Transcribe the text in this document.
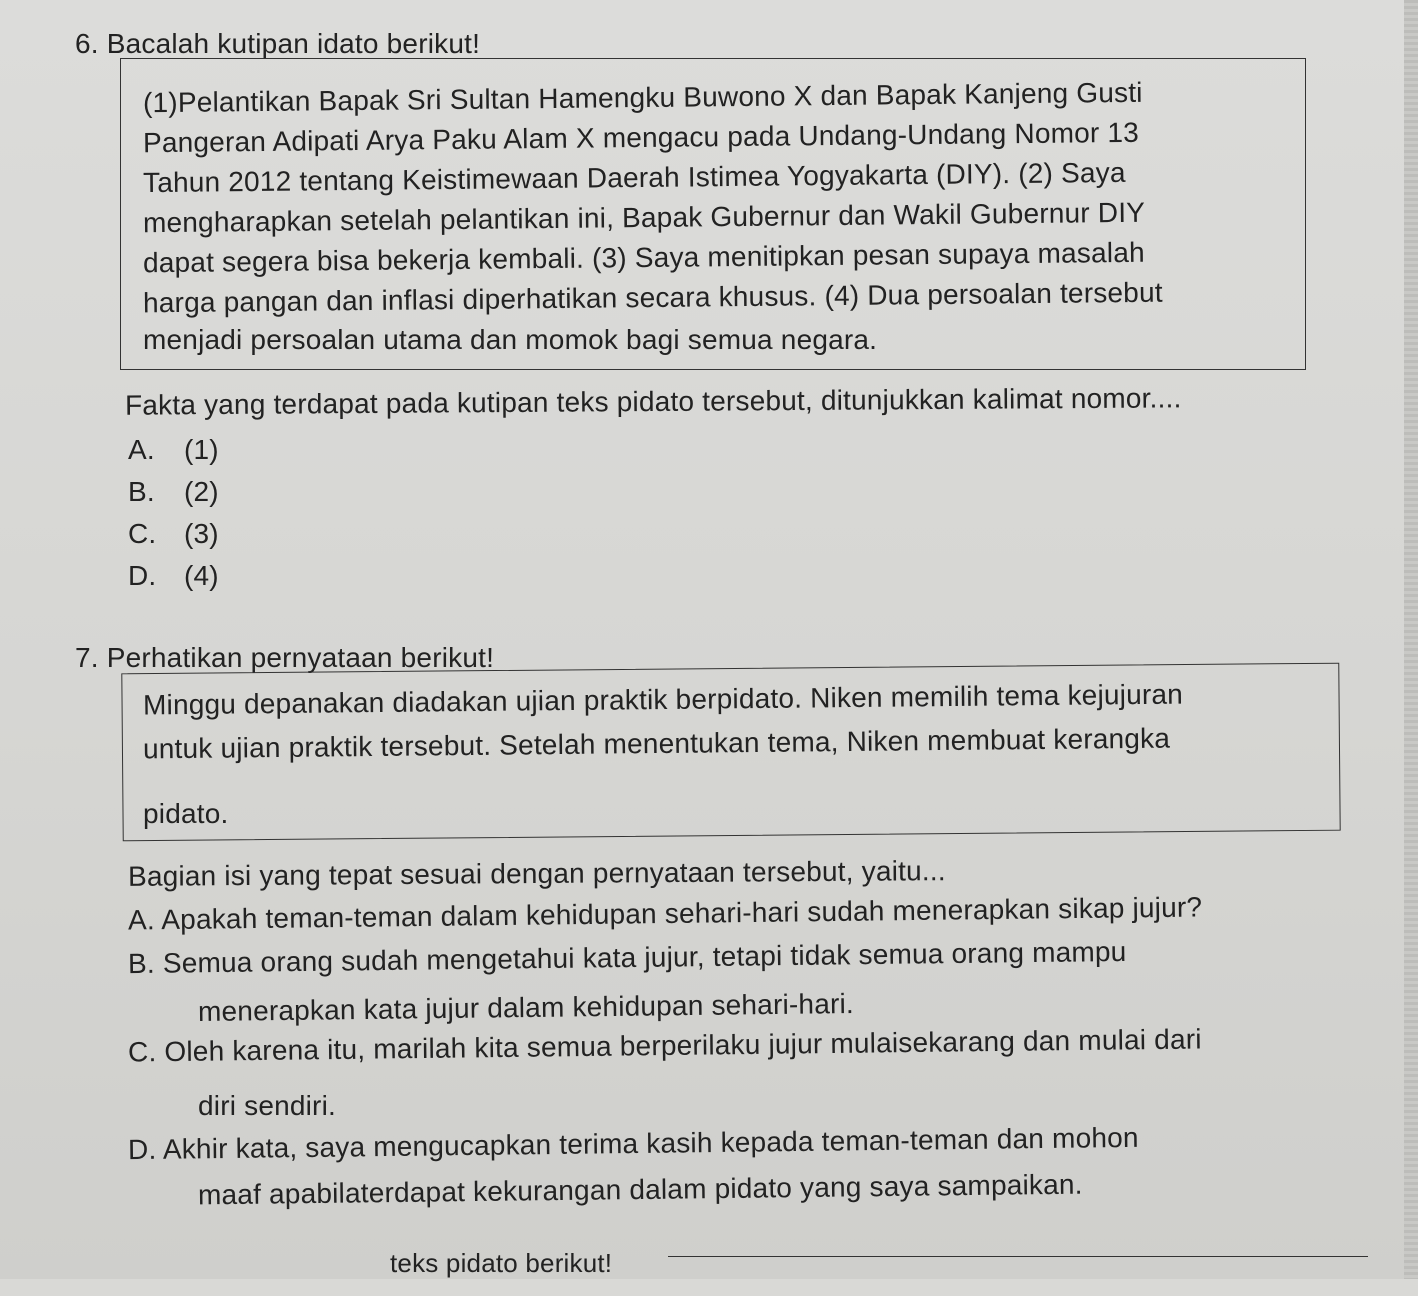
6. Bacalah kutipan idato berikut!
(1)Pelantikan Bapak Sri Sultan Hamengku Buwono X dan Bapak Kanjeng Gusti
Pangeran Adipati Arya Paku Alam X mengacu pada Undang-Undang Nomor 13
Tahun 2012 tentang Keistimewaan Daerah Istimea Yogyakarta (DIY). (2) Saya
mengharapkan setelah pelantikan ini, Bapak Gubernur dan Wakil Gubernur DIY
dapat segera bisa bekerja kembali. (3) Saya menitipkan pesan supaya masalah
harga pangan dan inflasi diperhatikan secara khusus. (4) Dua persoalan tersebut
menjadi persoalan utama dan momok bagi semua negara.
Fakta yang terdapat pada kutipan teks pidato tersebut, ditunjukkan kalimat nomor....
A. (1)
B. (2)
C. (3)
D. (4)
7. Perhatikan pernyataan berikut!
Minggu depanakan diadakan ujian praktik berpidato. Niken memilih tema kejujuran
untuk ujian praktik tersebut. Setelah menentukan tema, Niken membuat kerangka
pidato.
Bagian isi yang tepat sesuai dengan pernyataan tersebut, yaitu...
A. Apakah teman-teman dalam kehidupan sehari-hari sudah menerapkan sikap jujur?
B. Semua orang sudah mengetahui kata jujur, tetapi tidak semua orang mampu
menerapkan kata jujur dalam kehidupan sehari-hari.
C. Oleh karena itu, marilah kita semua berperilaku jujur mulaisekarang dan mulai dari
diri sendiri.
D. Akhir kata, saya mengucapkan terima kasih kepada teman-teman dan mohon
maaf apabilaterdapat kekurangan dalam pidato yang saya sampaikan.
teks pidato berikut!
